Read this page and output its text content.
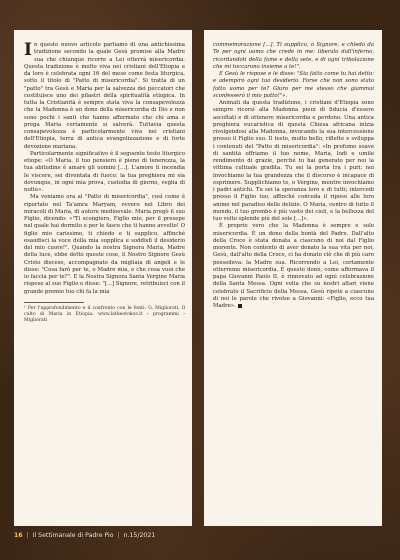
I n questo nuovo articolo parliamo di una antichissima tradizione secondo la quale Gesù promise alla Madre sua che chiunque ricorre a Lei otterrà misericordia. Questa tradizione è molto viva nei cristiani dell'Etiopia e da loro è celebrata ogni 16 del mese come festa liturgica, sotto il titolo di "Patto di misericordia". Si tratta di un "patto" tra Gesù e Maria per la salvezza dei peccatori che costituisce uno dei pilastri della spiritualità etiopica. In tutta la Cristianità è sempre stata viva la consapevolezza che la Madonna è un dono della misericordia di Dio e non sono pochi i santi che hanno affermato che chi ama e prega Maria certamente si salverà. Tuttavia questa consapevolezza è particolarmente viva nei cristiani dell'Etiopia, terra di antica evangelizzazione e di forte devozione mariana.

Particolarmente significativo è il seguente testo liturgico etiope: «O Maria, il tuo pensiero è pieno di tenerezza, la tua abitudine è amare gli uomini [...]. L'amore ti incendia le viscere, sei diventata di fuoco: la tua preghiera mi sia dovunque, in ogni mia prova, custodia di giorno, veglia di notte».

Ma veniamo ora al "Patto di misericordia", così come è riportato nel Ta'amra Maryam, ovvero nel Libro dei miracoli di Maria, di autore medioevale. Maria pregò il suo Figlio, dicendo: «"Ti scongiuro, Figlio mio, per il presepe nel quale hai dormito e per le fasce che ti hanno avvolto! O figlio mio carissimo, ti chiedo e ti supplico, affinché esaudisci la voce della mia supplica e soddisfi il desiderio del mio cuore!". Quando la nostra Signora Maria, Madre della luce, ebbe detto queste cose, il Nostro Signore Gesù Cristo discese, accompagnato da migliaia di angeli e le disse: "Cosa farò per te, o Madre mia, e che cosa vuoi che io faccia per te?". E la Nostra Signora Santa Vergine Maria rispose al suo Figlio e disse: "[...] Signore, retribuisci con il grande premio tuo chi fa la mia

¹ Per l'approfondimento e il confronto con le fonti: G. Migliorati, Il culto di Maria in Etiopia: www.latheotokos.it › programmi › Migliorati

commemorazione [...]. Ti supplico, o Signore, e chiedo da Te per ogni uomo che crede in me: liberalo dall'inferno, ricordandoti della fame e della sete, e di ogni tribolazione che mi toccarono insieme a te!".

E Gesù le rispose e le disse: "Sia fatto come tu hai detto: e adempirò ogni tuo desiderio. Forse che non sono stato fatto uomo per te? Giuro per me stesso che giammai sconfesserò il mio patto!"».

Animati da questa tradizione, i cristiani d'Etiopia sono sempre ricorsi alla Madonna pieni di fiducia d'essere ascoltati e di ottenere misericordia e perdono. Una antica preghiera eucaristica di questa Chiesa africana inizia rivolgendosi alla Madonna, invocando la sua intercessione presso il Figlio suo. Il testo, molto bello, riflette e sviluppa i contenuti del "Patto di misericordia": «In profumo soave di santità offriamo il tuo nome, Maria, lodi e umile rendimento di grazie, perché tu hai generato per noi la vittima cultuale gradita. Tu sei la porta tra i puri; noi invochiamo la tua grandezza che il discorso è incapace di esprimere. Supplichiamo te, o Vergine, mentre invochiamo i padri antichi. Tu sei la speranza loro e di tutti; intercedi presso il Figlio tuo, affinché conceda il riposo alle loro anime nel paradiso delle delizie. O Maria, centro di tutto il mondo, il tuo grembo è più vasto dei cieli, e la bellezza del tuo volto splende più del sole [...]».

È proprio vero che la Madonna è sempre e solo misericordia. È un dono della bontà del Padre. Dall'alto della Croce è stata donata a ciascuno di noi dal Figlio morente. Non contento di aver donato la sua vita per noi, Gesù, dall'alto della Croce, ci ha donato ciò che di più caro possedeva: la Madre sua. Ricorrendo a Lei, certamente otterremo misericordia. È questo dono, come affermava il papa Giovanni Paolo II, è rinnovato ad ogni celebrazione della Santa Messa. Ogni volta che su nostri altari viene celebrato il Sacrificio della Messa, Gesù ripete a ciascuno di noi le parole che rivolse a Giovanni: «Figlio, ecco tua Madre».

16 | Il Settimanale di Padre Pio | n.15/2021
